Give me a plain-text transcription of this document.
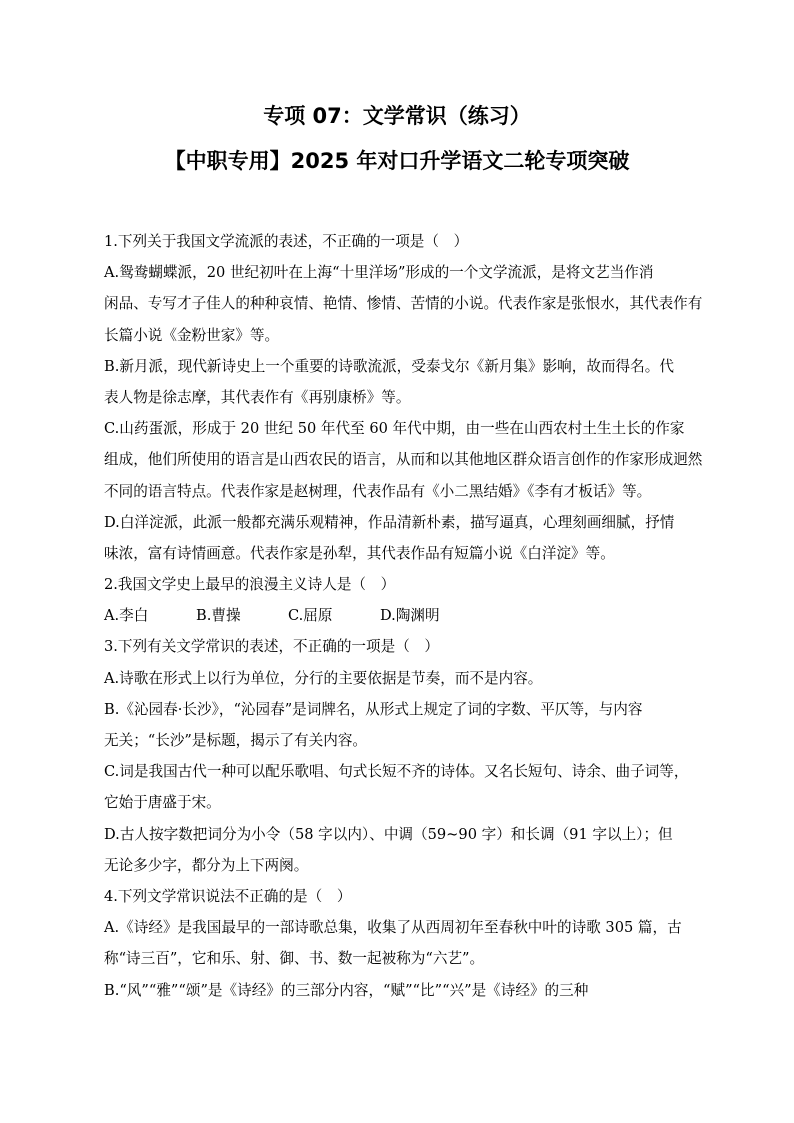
专项 07：文学常识（练习）
【中职专用】2025 年对口升学语文二轮专项突破
1.下列关于我国文学流派的表述，不正确的一项是（　）
A.鸳鸯蝴蝶派，20 世纪初叶在上海“十里洋场”形成的一个文学流派，是将文艺当作消
闲品、专写才子佳人的种种哀情、艳情、惨情、苦情的小说。代表作家是张恨水，其代表作有
长篇小说《金粉世家》等。
B.新月派，现代新诗史上一个重要的诗歌流派，受泰戈尔《新月集》影响，故而得名。代
表人物是徐志摩，其代表作有《再别康桥》等。
C.山药蛋派，形成于 20 世纪 50 年代至 60 年代中期，由一些在山西农村土生土长的作家
组成，他们所使用的语言是山西农民的语言，从而和以其他地区群众语言创作的作家形成迥然
不同的语言特点。代表作家是赵树理，代表作品有《小二黑结婚》《李有才板话》等。
D.白洋淀派，此派一般都充满乐观精神，作品清新朴素，描写逼真，心理刻画细腻，抒情
味浓，富有诗情画意。代表作家是孙犁，其代表作品有短篇小说《白洋淀》等。
2.我国文学史上最早的浪漫主义诗人是（　）
A.李白	B.曹操	C.屈原	D.陶渊明
3.下列有关文学常识的表述，不正确的一项是（　）
A.诗歌在形式上以行为单位，分行的主要依据是节奏，而不是内容。
B.《沁园春·长沙》，“沁园春”是词牌名，从形式上规定了词的字数、平仄等，与内容
无关；“长沙”是标题，揭示了有关内容。
C.词是我国古代一种可以配乐歌唱、句式长短不齐的诗体。又名长短句、诗余、曲子词等，
它始于唐盛于宋。
D.古人按字数把词分为小令（58 字以内）、中调（59~90 字）和长调（91 字以上）；但
无论多少字，都分为上下两阕。
4.下列文学常识说法不正确的是（　）
A.《诗经》是我国最早的一部诗歌总集，收集了从西周初年至春秋中叶的诗歌 305 篇，古
称“诗三百”，它和乐、射、御、书、数一起被称为“六艺”。
B.“风”“雅”“颂”是《诗经》的三部分内容，“赋”“比”“兴”是《诗经》的三种
